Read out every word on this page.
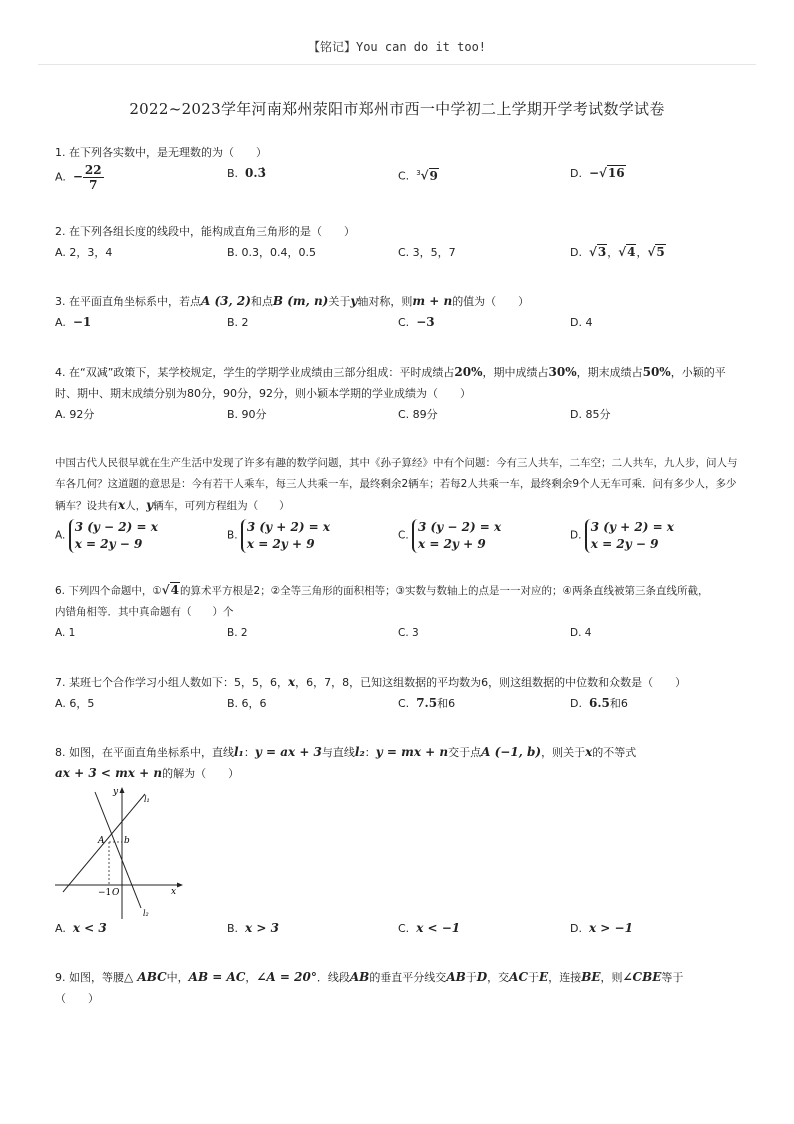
【铭记】You can do it too!
2022~2023学年河南郑州荥阳市郑州市西一中学初二上学期开学考试数学试卷
1. 在下列各实数中，是无理数的为（　　）
A. − $\frac{22}{7}$	B. 0.3̇	C. $^3$√9	D. −√16
2. 在下列各组长度的线段中，能构成直角三角形的是（　　）
A. 2，3，4	B. 0.3，0.4，0.5	C. 3，5，7	D. √3，√4，√5
3. 在平面直角坐标系中，若点A (3, 2)和点B (m, n)关于y轴对称，则m + n的值为（　　）
A. −1	B. 2	C. −3	D. 4
4. 在“双减”政策下，某学校规定，学生的学期学业成绩由三部分组成：平时成绩占20%，期中成绩占30%，期末成绩占50%，小颖的平
时、期中、期末成绩分别为80分，90分，92分，则小颖本学期的学业成绩为（　　）
A. 92分	B. 90分	C. 89分	D. 85分
中国古代人民很早就在生产生活中发现了许多有趣的数学问题，其中《孙子算经》中有个问题：今有三人共车，二车空；二人共车，九人步，问人与
车各几何？这道题的意思是：今有若干人乘车，每三人共乘一车，最终剩余2辆车；若每2人共乘一车，最终剩余9个人无车可乘．问有多少人，多少
辆车？设共有x人，y辆车，可列方程组为（　　）
A.
3 (y − 2) = x
x = 2y − 9
B.
3 (y + 2) = x
x = 2y + 9
C.
3 (y − 2) = x
x = 2y + 9
D.
3 (y + 2) = x
x = 2y − 9
6. 下列四个命题中，①√4的算术平方根是2；②全等三角形的面积相等；③实数与数轴上的点是一一对应的；④两条直线被第三条直线所截，
内错角相等．其中真命题有（　　）个
A. 1	B. 2	C. 3	D. 4
7. 某班七个合作学习小组人数如下：5，5，6，x，6，7，8，已知这组数据的平均数为6，则这组数据的中位数和众数是（　　）
A. 6，5	B. 6，6	C. 7.5和6	D. 6.5和6
8. 如图，在平面直角坐标系中，直线l₁：y = ax + 3与直线l₂：y = mx + n交于点A (−1, b)，则关于x的不等式
ax + 3 < mx + n的解为（　　）
y
x
l₁
l₂
A b
−1 O
A. x < 3	B. x > 3	C. x < −1	D. x > −1
9. 如图，等腰△ ABC中，AB = AC，∠A = 20°．线段AB的垂直平分线交AB于D，交AC于E，连接BE，则∠CBE等于
（　　）
